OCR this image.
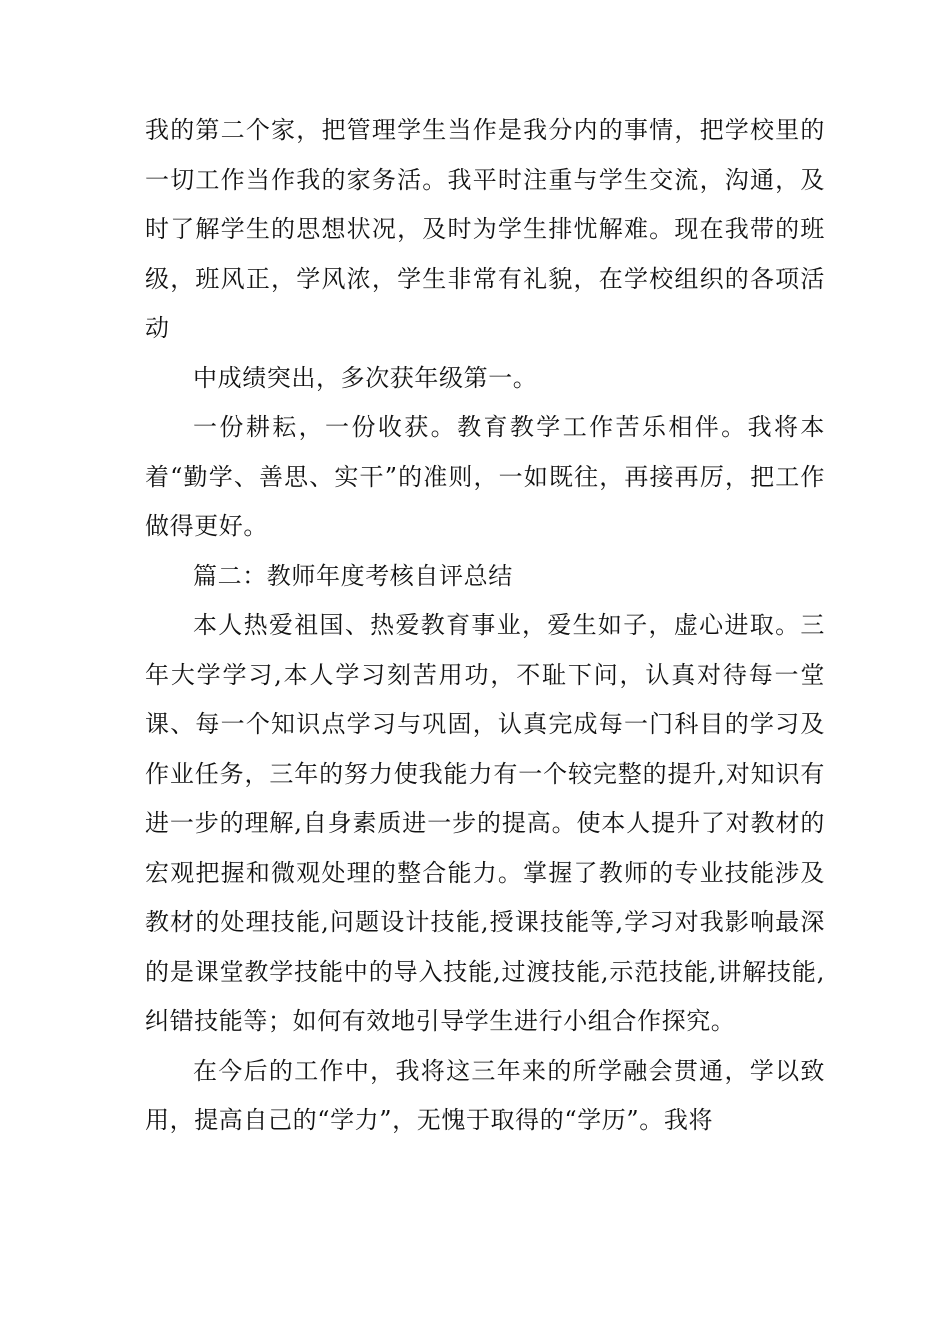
我的第二个家，把管理学生当作是我分内的事情，把学校里的一切工作当作我的家务活。我平时注重与学生交流，沟通，及时了解学生的思想状况，及时为学生排忧解难。现在我带的班级，班风正，学风浓，学生非常有礼貌，在学校组织的各项活动

中成绩突出，多次获年级第一。

一份耕耘，一份收获。教育教学工作苦乐相伴。我将本着“勤学、善思、实干”的准则，一如既往，再接再厉，把工作做得更好。

篇二：教师年度考核自评总结

本人热爱祖国、热爱教育事业，爱生如子，虚心进取。三年大学学习,本人学习刻苦用功，不耻下问，认真对待每一堂课、每一个知识点学习与巩固，认真完成每一门科目的学习及作业任务，三年的努力使我能力有一个较完整的提升,对知识有进一步的理解,自身素质进一步的提高。使本人提升了对教材的宏观把握和微观处理的整合能力。掌握了教师的专业技能涉及教材的处理技能,问题设计技能,授课技能等,学习对我影响最深的是课堂教学技能中的导入技能,过渡技能,示范技能,讲解技能,纠错技能等；如何有效地引导学生进行小组合作探究。

在今后的工作中，我将这三年来的所学融会贯通，学以致用，提高自己的“学力”，无愧于取得的“学历”。我将
